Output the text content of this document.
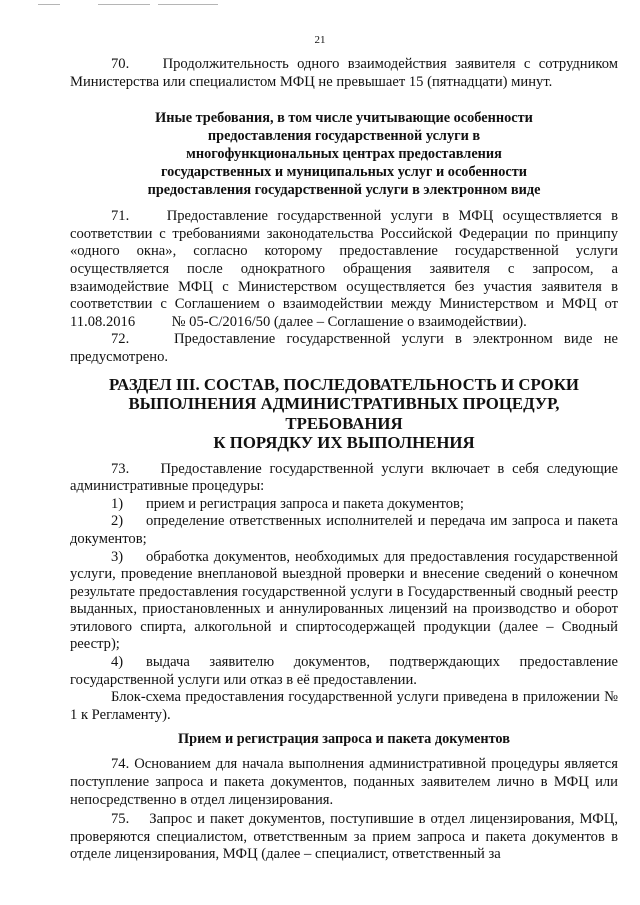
21

70. Продолжительность одного взаимодействия заявителя с сотрудником Министерства или специалистом МФЦ не превышает 15 (пятнадцати) минут.

Иные требования, в том числе учитывающие особенности
предоставления государственной услуги в
многофункциональных центрах предоставления
государственных и муниципальных услуг и особенности
предоставления государственной услуги в электронном виде

71.	Предоставление государственной услуги в МФЦ осуществляется в соответствии с требованиями законодательства Российской Федерации по принципу «одного окна», согласно которому предоставление государственной услуги осуществляется после однократного обращения заявителя с запросом, а взаимодействие МФЦ с Министерством осуществляется без участия заявителя в соответствии с Соглашением о взаимодействии между Министерством и МФЦ от 11.08.2016          № 05-С/2016/50 (далее – Соглашение о взаимодействии).

72.	Предоставление государственной услуги в электронном виде не предусмотрено.

РАЗДЕЛ III. СОСТАВ, ПОСЛЕДОВАТЕЛЬНОСТЬ И СРОКИ
ВЫПОЛНЕНИЯ АДМИНИСТРАТИВНЫХ ПРОЦЕДУР, ТРЕБОВАНИЯ
К ПОРЯДКУ ИХ ВЫПОЛНЕНИЯ

73. Предоставление государственной услуги включает в себя следующие административные процедуры:

1) прием и регистрация запроса и пакета документов;

2) определение ответственных исполнителей и передача им запроса и пакета документов;

3) обработка документов, необходимых для предоставления государственной услуги, проведение внеплановой выездной проверки и внесение сведений о конечном результате предоставления государственной услуги в Государственный сводный реестр выданных, приостановленных и аннулированных лицензий на производство и оборот этилового спирта, алкогольной и спиртосодержащей продукции (далее – Сводный реестр);

4) выдача заявителю документов, подтверждающих предоставление государственной услуги или отказ в её предоставлении.

Блок-схема предоставления государственной услуги приведена в приложении № 1 к Регламенту).

Прием и регистрация запроса и пакета документов

74. Основанием для начала выполнения административной процедуры является поступление запроса и пакета документов, поданных заявителем лично в МФЦ или непосредственно в отдел лицензирования.

75. Запрос и пакет документов, поступившие в отдел лицензирования, МФЦ, проверяются специалистом, ответственным за прием запроса и пакета документов в отделе лицензирования, МФЦ (далее – специалист, ответственный за
